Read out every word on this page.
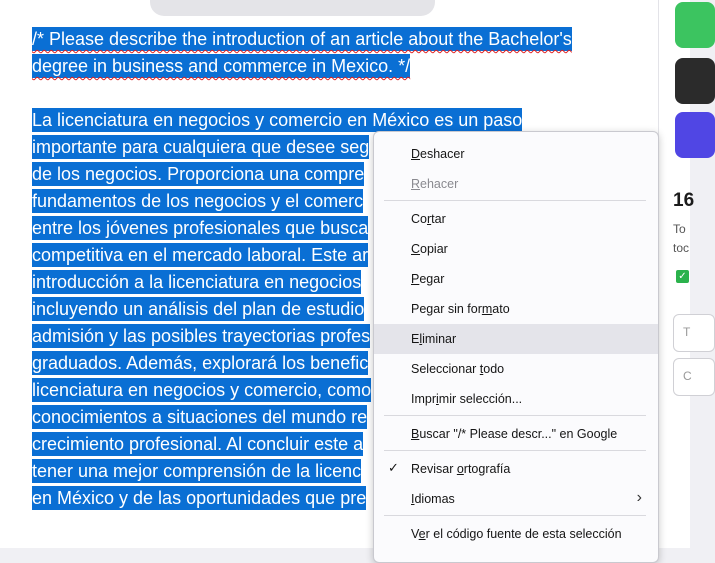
/* Please describe the introduction of an article about the Bachelor's
degree in business and commerce in Mexico. */
La licenciatura en negocios y comercio en México es un paso
importante para cualquiera que desee seg
de los negocios. Proporciona una compre
fundamentos de los negocios y el comerc
entre los jóvenes profesionales que busca
competitiva en el mercado laboral. Este ar
introducción a la licenciatura en negocios
incluyendo un análisis del plan de estudio
admisión y las posibles trayectorias profes
graduados. Además, explorará los benefic
licenciatura en negocios y comercio, como
conocimientos a situaciones del mundo re
crecimiento profesional. Al concluir este a
tener una mejor comprensión de la licenc
en México y de las oportunidades que pre
16
To
toc
✓
T
C
Deshacer
Rehacer
Cortar
Copiar
Pegar
Pegar sin formato
Eliminar
Seleccionar todo
Imprimir selección...
Buscar "/* Please descr..." en Google
✓ Revisar ortografía
Idiomas	›
Ver el código fuente de esta selección
